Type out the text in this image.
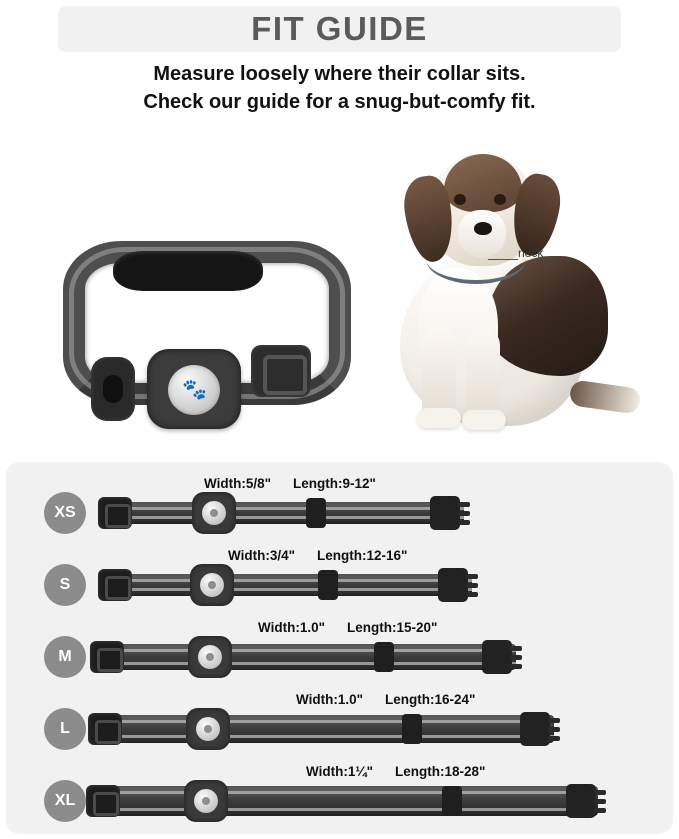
FIT GUIDE
Measure loosely where their collar sits.
Check our guide for a snug-but-comfy fit.
🐾
neck
XS
Width:5/8" Length:9-12"
S
Width:3/4" Length:12-16"
M
Width:1.0" Length:15-20"
L
Width:1.0" Length:16-24"
XL
Width:1¼" Length:18-28"
